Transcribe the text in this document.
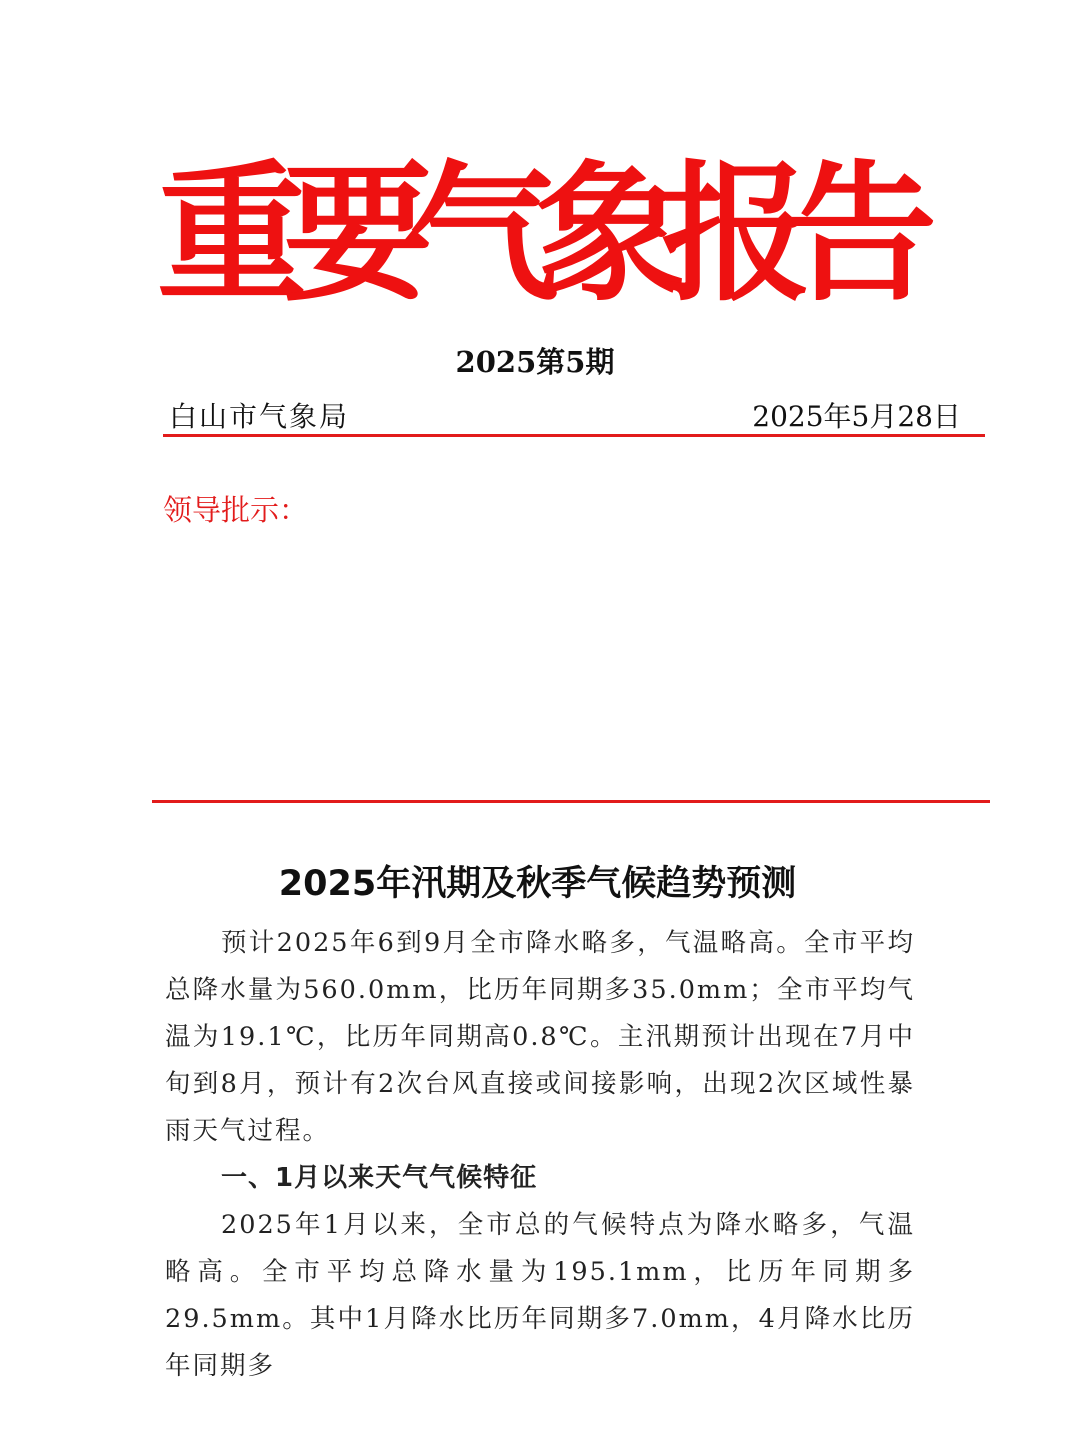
重
要
气
象
报
告
2025第5期
白山市气象局	2025年5月28日
领导批示：
2025年汛期及秋季气候趋势预测

预计2025年6到9月全市降水略多，气温略高。全市平均总降水量为560.0mm，比历年同期多35.0mm；全市平均气温为19.1℃，比历年同期高0.8℃。主汛期预计出现在7月中旬到8月，预计有2次台风直接或间接影响，出现2次区域性暴雨天气过程。

一、1月以来天气气候特征

2025年1月以来，全市总的气候特点为降水略多，气温略高。全市平均总降水量为195.1mm，比历年同期多29.5mm。其中1月降水比历年同期多7.0mm，4月降水比历年同期多
